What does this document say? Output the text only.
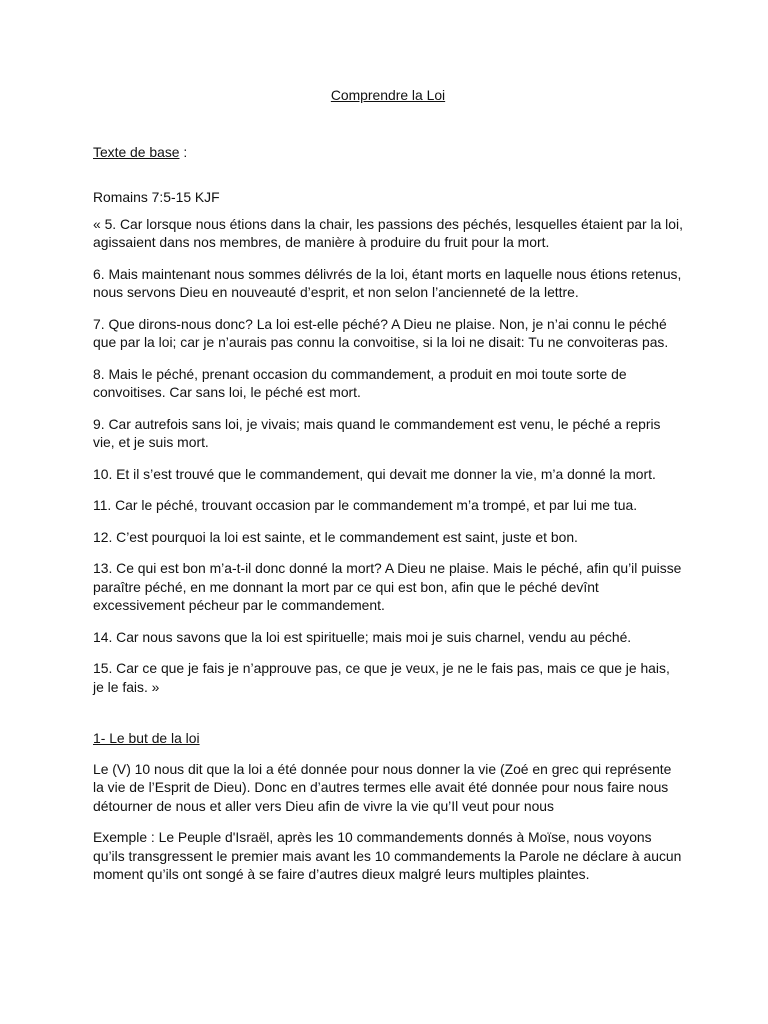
Comprendre la Loi

Texte de base :

Romains 7:5-15 KJF

« 5. Car lorsque nous étions dans la chair, les passions des péchés, lesquelles étaient par la loi, agissaient dans nos membres, de manière à produire du fruit pour la mort.

6. Mais maintenant nous sommes délivrés de la loi, étant morts en laquelle nous étions retenus, nous servons Dieu en nouveauté d’esprit, et non selon l’ancienneté de la lettre.

7. Que dirons-nous donc? La loi est-elle péché? A Dieu ne plaise. Non, je n’ai connu le péché que par la loi; car je n’aurais pas connu la convoitise, si la loi ne disait: Tu ne convoiteras pas.

8. Mais le péché, prenant occasion du commandement, a produit en moi toute sorte de convoitises. Car sans loi, le péché est mort.

9. Car autrefois sans loi, je vivais; mais quand le commandement est venu, le péché a repris vie, et je suis mort.

10. Et il s’est trouvé que le commandement, qui devait me donner la vie, m’a donné la mort.

11. Car le péché, trouvant occasion par le commandement m’a trompé, et par lui me tua.

12. C’est pourquoi la loi est sainte, et le commandement est saint, juste et bon.

13. Ce qui est bon m’a-t-il donc donné la mort? A Dieu ne plaise. Mais le péché, afin qu’il puisse paraître péché, en me donnant la mort par ce qui est bon, afin que le péché devînt excessivement pécheur par le commandement.

14. Car nous savons que la loi est spirituelle; mais moi je suis charnel, vendu au péché.

15. Car ce que je fais je n’approuve pas, ce que je veux, je ne le fais pas, mais ce que je hais, je le fais. »

1- Le but de la loi

Le (V) 10 nous dit que la loi a été donnée pour nous donner la vie (Zoé en grec qui représente la vie de l’Esprit de Dieu). Donc en d’autres termes elle avait été donnée pour nous faire nous détourner de nous et aller vers Dieu afin de vivre la vie qu’Il veut pour nous

Exemple : Le Peuple d'Israël, après les 10 commandements donnés à Moïse, nous voyons qu’ils transgressent le premier mais avant les 10 commandements la Parole ne déclare à aucun moment qu’ils ont songé à se faire d’autres dieux malgré leurs multiples plaintes.
